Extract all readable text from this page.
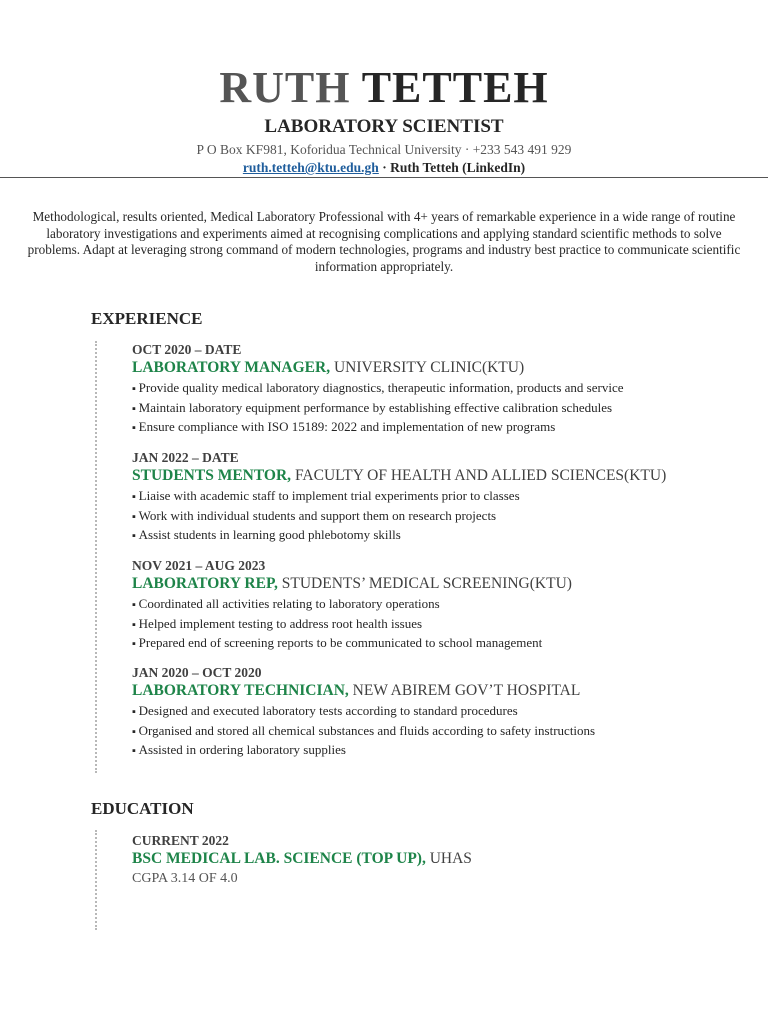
RUTH TETTEH
LABORATORY SCIENTIST
P O Box KF981, Koforidua Technical University · +233 543 491 929
ruth.tetteh@ktu.edu.gh · Ruth Tetteh (LinkedIn)
Methodological, results oriented, Medical Laboratory Professional with 4+ years of remarkable experience in a wide range of routine laboratory investigations and experiments aimed at recognising complications and applying standard scientific methods to solve problems. Adapt at leveraging strong command of modern technologies, programs and industry best practice to communicate scientific information appropriately.
EXPERIENCE
OCT 2020 – DATE
LABORATORY MANAGER, UNIVERSITY CLINIC(KTU)
▪ Provide quality medical laboratory diagnostics, therapeutic information, products and service
▪ Maintain laboratory equipment performance by establishing effective calibration schedules
▪ Ensure compliance with ISO 15189: 2022 and implementation of new programs
JAN 2022 – DATE
STUDENTS MENTOR, FACULTY OF HEALTH AND ALLIED SCIENCES(KTU)
▪ Liaise with academic staff to implement trial experiments prior to classes
▪ Work with individual students and support them on research projects
▪ Assist students in learning good phlebotomy skills
NOV 2021 – AUG 2023
LABORATORY REP, STUDENTS’ MEDICAL SCREENING(KTU)
▪ Coordinated all activities relating to laboratory operations
▪ Helped implement testing to address root health issues
▪ Prepared end of screening reports to be communicated to school management
JAN 2020 – OCT 2020
LABORATORY TECHNICIAN, NEW ABIREM GOV’T HOSPITAL
▪ Designed and executed laboratory tests according to standard procedures
▪ Organised and stored all chemical substances and fluids according to safety instructions
▪ Assisted in ordering laboratory supplies
EDUCATION
CURRENT 2022
BSC MEDICAL LAB. SCIENCE (TOP UP), UHAS
CGPA 3.14 OF 4.0
